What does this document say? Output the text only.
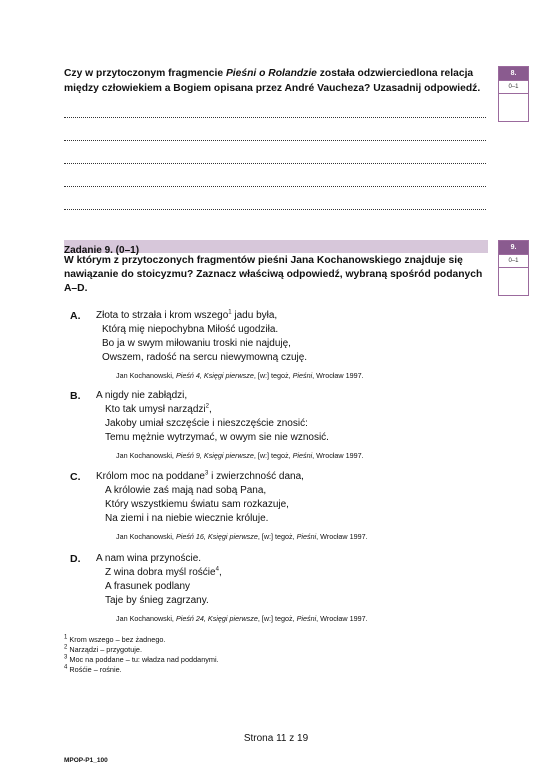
Czy w przytoczonym fragmencie Pieśni o Rolandzie została odzwierciedlona relacja między człowiekiem a Bogiem opisana przez André Vaucheza? Uzasadnij odpowiedź.
8.
0–1
Zadanie 9. (0–1)
W którym z przytoczonych fragmentów pieśni Jana Kochanowskiego znajduje się nawiązanie do stoicyzmu? Zaznacz właściwą odpowiedź, wybraną spośród podanych A–D.
9.
0–1
A. Złota to strzała i krom wszego$^1$ jadu była,
Którą mię niepochybna Miłość ugodziła.
Bo ja w swym miłowaniu troski nie najduję,
Owszem, radość na sercu niewymowną czuję.
Jan Kochanowski, Pieśń 4, Księgi pierwsze, [w:] tegoż, Pieśni, Wrocław 1997.
B. A nigdy nie zabłądzi,
Kto tak umysł narządzi$^2$,
Jakoby umiał szczęście i nieszczęście znosić:
Temu mężnie wytrzymać, w owym sie nie wznosić.
Jan Kochanowski, Pieśń 9, Księgi pierwsze, [w:] tegoż, Pieśni, Wrocław 1997.
C. Królom moc na poddane$^3$ i zwierzchność dana,
A królowie zaś mają nad sobą Pana,
Który wszystkiemu światu sam rozkazuje,
Na ziemi i na niebie wiecznie króluje.
Jan Kochanowski, Pieśń 16, Księgi pierwsze, [w:] tegoż, Pieśni, Wrocław 1997.
D. A nam wina przynoście.
Z wina dobra myśl rośćie$^4$,
A frasunek podlany
Taje by śnieg zagrzany.
Jan Kochanowski, Pieśń 24, Księgi pierwsze, [w:] tegoż, Pieśni, Wrocław 1997.
$^1$ Krom wszego – bez żadnego.
$^2$ Narządzi – przygotuje.
$^3$ Moc na poddane – tu: władza nad poddanymi.
$^4$ Rośćie – rośnie.
Strona 11 z 19
MPOP-P1_100
